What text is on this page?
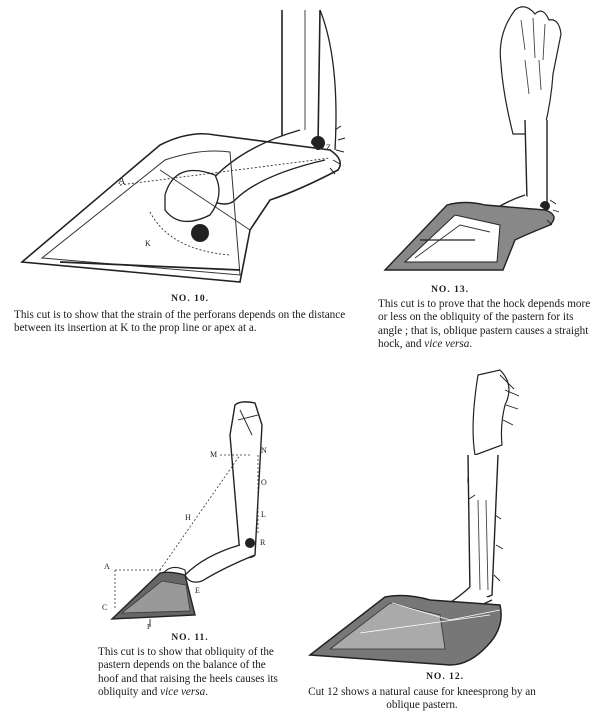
A
Z
K
NO. 10.
This cut is to show that the strain of the perforans depends on the distance between its insertion at K to the prop line or apex at a.
NO. 13.
This cut is to prove that the hock depends more or less on the obliquity of the pastern for its angle ; that is, oblique pastern causes a straight hock, and vice versa.
A
C
P
M	N
O
L
H
E
R
NO. 11.
This cut is to show that obliquity of the pastern depends on the balance of the hoof and that raising the heels causes its obliquity and vice versa.
NO. 12.
Cut 12 shows a natural cause for kneesprong by an oblique pastern.
